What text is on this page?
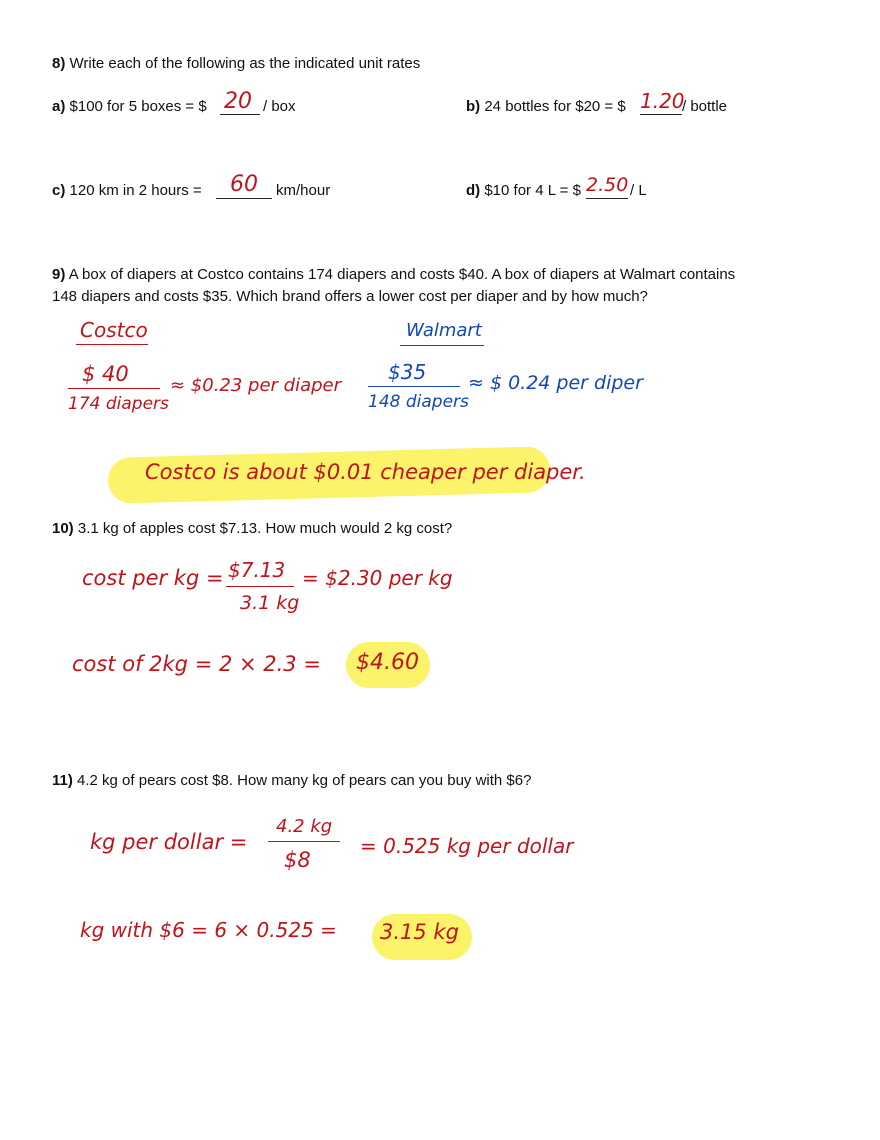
8) Write each of the following as the indicated unit rates
a) $100 for 5 boxes = $ 20 / box	b) 24 bottles for $20 = $ 1.20
/ bottle
c) 120 km in 2 hours = 60 km/hour	d) $10 for 4 L = $ 2.50 / L
9) A box of diapers at Costco contains 174 diapers and costs $40. A box of diapers at Walmart contains
148 diapers and costs $35. Which brand offers a lower cost per diaper and by how much?
Costco
$ 40
174 diapers
≈ $0.23 per diaper
Walmart
$35
148 diapers
≈ $ 0.24 per diper
Costco is about $0.01 cheaper per diaper.
10) 3.1 kg of apples cost $7.13. How much would 2 kg cost?
cost per kg = $7.13
3.1 kg
= $2.30 per kg
cost of 2kg = 2 × 2.3 = $4.60
11) 4.2 kg of pears cost $8. How many kg of pears can you buy with $6?
kg per dollar =
4.2 kg
$8
= 0.525 kg per dollar
kg with $6 = 6 × 0.525 = 3.15 kg
